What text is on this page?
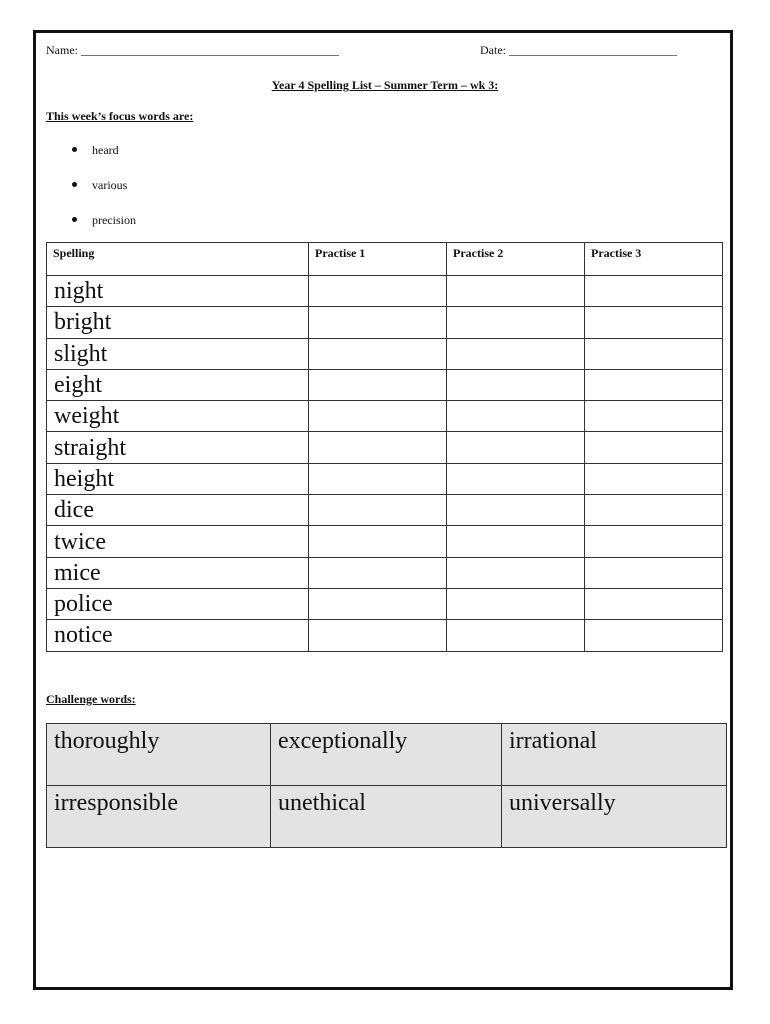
Name: ___________________________________________	Date: ____________________________
Year 4 Spelling List – Summer Term – wk 3:
This week’s focus words are:
heard
various
precision
Spelling	Practise 1	Practise 2	Practise 3
night			
bright			
slight			
eight			
weight			
straight			
height			
dice			
twice			
mice			
police			
notice			
Challenge words:
thoroughly	exceptionally	irrational
irresponsible	unethical	universally
